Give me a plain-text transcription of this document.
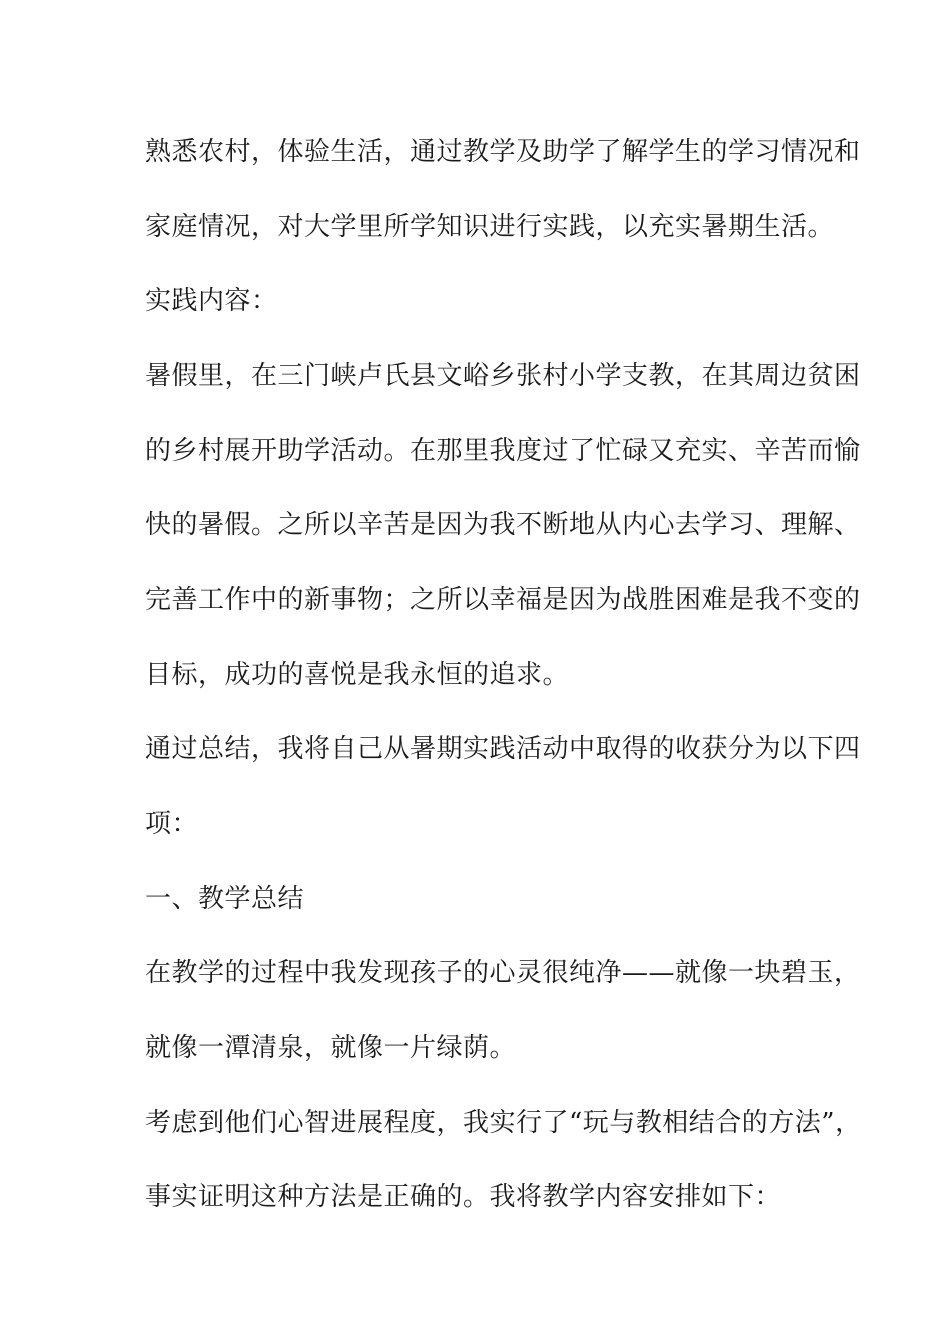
熟悉农村，体验生活，通过教学及助学了解学生的学习情况和
家庭情况，对大学里所学知识进行实践，以充实暑期生活。
实践内容：
暑假里，在三门峡卢氏县文峪乡张村小学支教，在其周边贫困
的乡村展开助学活动。在那里我度过了忙碌又充实、辛苦而愉
快的暑假。之所以辛苦是因为我不断地从内心去学习、理解、
完善工作中的新事物；之所以幸福是因为战胜困难是我不变的
目标，成功的喜悦是我永恒的追求。
通过总结，我将自己从暑期实践活动中取得的收获分为以下四
项：
一、教学总结
在教学的过程中我发现孩子的心灵很纯净——就像一块碧玉，
就像一潭清泉，就像一片绿荫。
考虑到他们心智进展程度，我实行了“玩与教相结合的方法”，
事实证明这种方法是正确的。我将教学内容安排如下：
